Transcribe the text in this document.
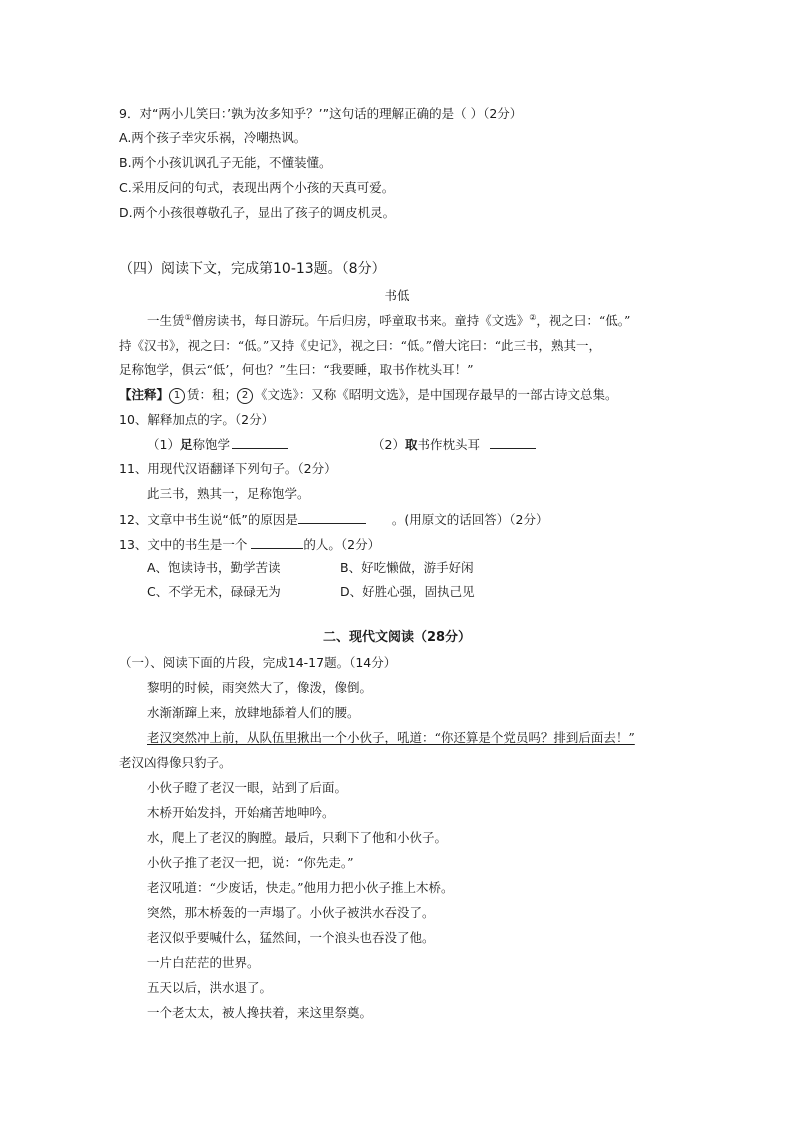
9．对“两小儿笑曰：’孰为汝多知乎？’”这句话的理解正确的是（ ）（2分）
A.两个孩子幸灾乐祸，冷嘲热讽。
B.两个小孩讥讽孔子无能，不懂装懂。
C.采用反问的句式，表现出两个小孩的天真可爱。
D.两个小孩很尊敬孔子，显出了孩子的调皮机灵。
（四）阅读下文，完成第10-13题。（8分）
书低
一生赁①僧房读书，每日游玩。午后归房，呼童取书来。童持《文选》②，视之曰：“低。”
持《汉书》，视之曰：“低。”又持《史记》，视之曰：“低。”僧大诧曰：“此三书，熟其一，
足称饱学，俱云“低’，何也？”生曰：“我要睡，取书作枕头耳！”
【注释】 1 赁：租； 2 《文选》：又称《昭明文选》，是中国现存最早的一部古诗文总集。
10、解释加点的字。（2分）
（1）足称饱学	（2）取书作枕头耳
11、用现代汉语翻译下列句子。（2分）
此三书，熟其一，足称饱学。
12、文章中书生说“低”的原因是	。(用原文的话回答）（2分）
13、文中的书生是一个	的人。（2分）
A、饱读诗书，勤学苦读	B、好吃懒做，游手好闲
C、不学无术，碌碌无为	D、好胜心强，固执己见
二、现代文阅读（28分）
（一）、阅读下面的片段，完成14-17题。（14分）
黎明的时候，雨突然大了，像泼，像倒。
水渐渐蹿上来，放肆地舔着人们的腰。
老汉突然冲上前，从队伍里揪出一个小伙子，吼道：“你还算是个党员吗？排到后面去！”
老汉凶得像只豹子。
小伙子瞪了老汉一眼，站到了后面。
木桥开始发抖，开始痛苦地呻吟。
水，爬上了老汉的胸膛。最后，只剩下了他和小伙子。
小伙子推了老汉一把，说：“你先走。”
老汉吼道：“少废话，快走。”他用力把小伙子推上木桥。
突然，那木桥轰的一声塌了。小伙子被洪水吞没了。
老汉似乎要喊什么，猛然间，一个浪头也吞没了他。
一片白茫茫的世界。
五天以后，洪水退了。
一个老太太，被人搀扶着，来这里祭奠。
